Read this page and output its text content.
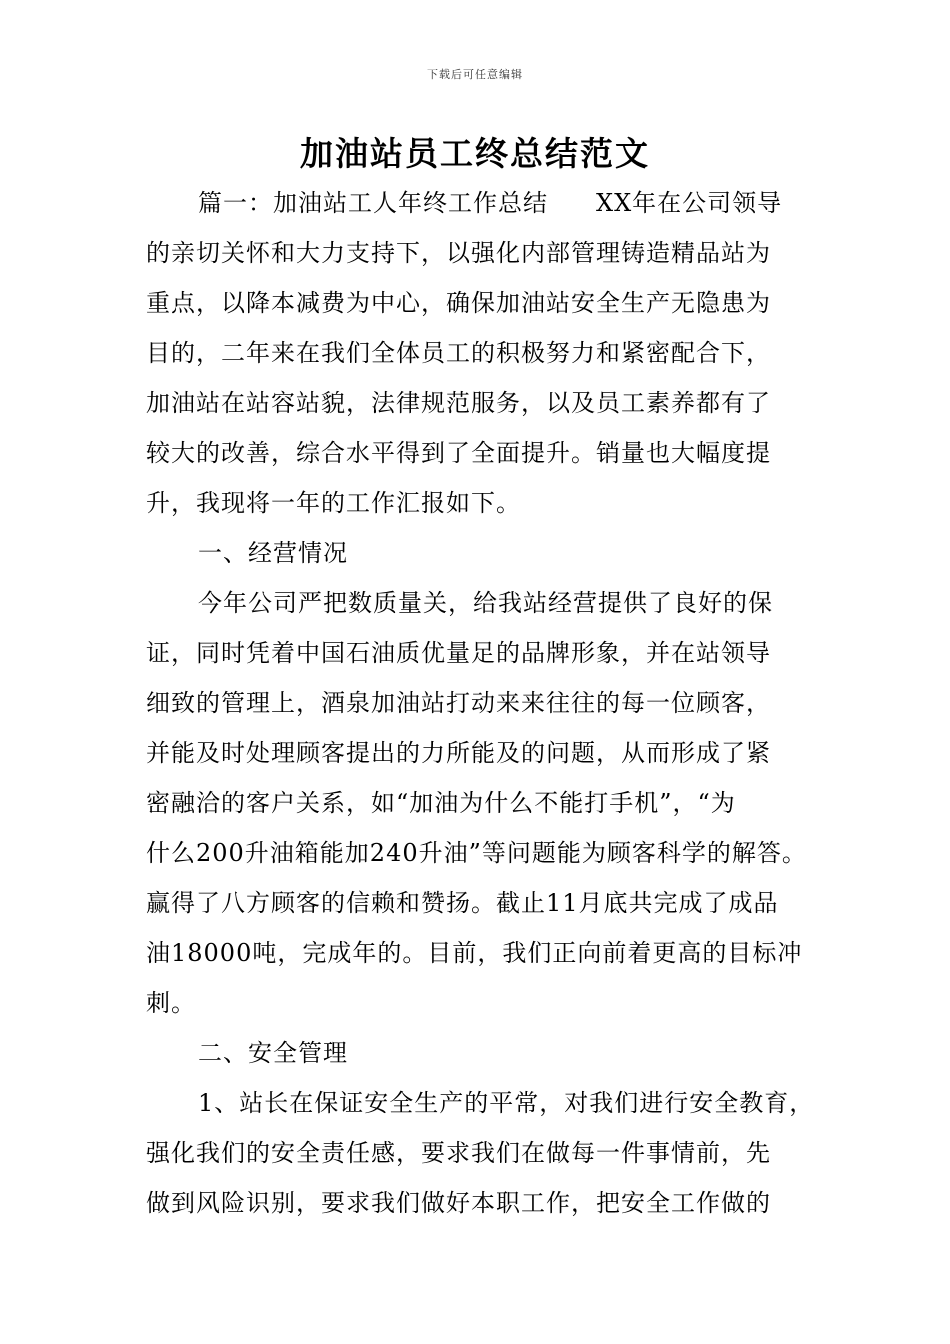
下载后可任意编辑
加油站员工终总结范文
篇一：加油站工人年终工作总结 XX年在公司领导
的亲切关怀和大力支持下，以强化内部管理铸造精品站为
重点，以降本减费为中心，确保加油站安全生产无隐患为
目的，二年来在我们全体员工的积极努力和紧密配合下，
加油站在站容站貌，法律规范服务，以及员工素养都有了
较大的改善，综合水平得到了全面提升。销量也大幅度提
升，我现将一年的工作汇报如下。
一、经营情况
今年公司严把数质量关，给我站经营提供了良好的保
证，同时凭着中国石油质优量足的品牌形象，并在站领导
细致的管理上，酒泉加油站打动来来往往的每一位顾客，
并能及时处理顾客提出的力所能及的问题，从而形成了紧
密融洽的客户关系，如“加油为什么不能打手机”，“为
什么200升油箱能加240升油”等问题能为顾客科学的解答。
赢得了八方顾客的信赖和赞扬。截止11月底共完成了成品
油18000吨，完成年的。目前，我们正向前着更高的目标冲
刺。
二、安全管理
1、站长在保证安全生产的平常，对我们进行安全教育，
强化我们的安全责任感，要求我们在做每一件事情前，先
做到风险识别，要求我们做好本职工作，把安全工作做的
